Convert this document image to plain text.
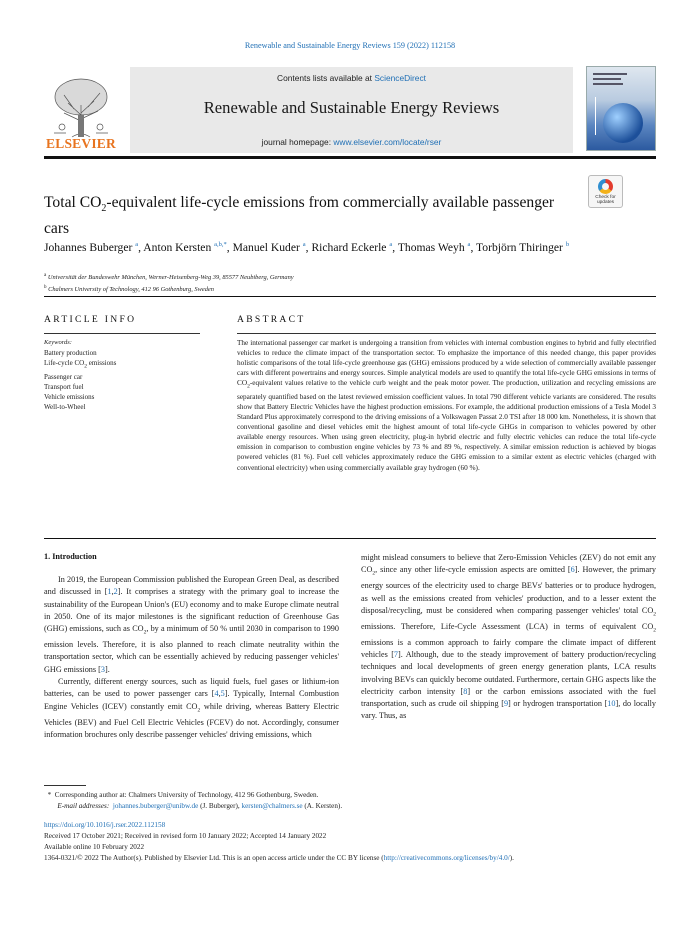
Renewable and Sustainable Energy Reviews 159 (2022) 112158
ELSEVIER
Contents lists available at ScienceDirect
Renewable and Sustainable Energy Reviews
journal homepage: www.elsevier.com/locate/rser
Total $CO_2$-equivalent life-cycle emissions from commercially available passenger cars
Check for updates
Johannes Buberger $^a$, Anton Kersten $^{a,b,*}$, Manuel Kuder $^a$, Richard Eckerle $^a$, Thomas Weyh $^a$, Torbjörn Thiringer $^b$
$^a$ Universität der Bundeswehr München, Werner-Heisenberg-Weg 39, 85577 Neubiberg, Germany
$^b$ Chalmers University of Technology, 412 96 Gothenburg, Sweden
ARTICLE INFO	ABSTRACT
Keywords:
Battery production
Life-cycle $CO_2$ emissions
Passenger car
Transport fuel
Vehicle emissions
Well-to-Wheel
The international passenger car market is undergoing a transition from vehicles with internal combustion engines to hybrid and fully electrified vehicles to reduce the climate impact of the transportation sector. To emphasize the importance of this needed change, this paper provides holistic comparisons of the total life-cycle greenhouse gas (GHG) emissions produced by a wide selection of commercially available passenger cars with different powertrains and energy sources. Simple analytical models are used to quantify the total life-cycle GHG emissions in terms of $CO_2$-equivalent values relative to the vehicle curb weight and the peak motor power. The production, utilization and recycling emissions are separately quantified based on the latest reviewed emission coefficient values. In total 790 different vehicle variants are considered. The results show that Battery Electric Vehicles have the highest production emissions. For example, the additional production emissions of a Tesla Model 3 Standard Plus approximately correspond to the driving emissions of a Volkswagen Passat 2.0 TSI after 18 000 km. Nonetheless, it is shown that conventional gasoline and diesel vehicles emit the highest amount of total life-cycle GHGs in comparison to vehicles powered by other available energy resources. When using green electricity, plug-in hybrid electric and fully electric vehicles can reduce the total life-cycle emission in comparison to combustion engine vehicles by 73 % and 89 %, respectively. A similar emission reduction is achieved by biogas powered vehicles (81 %). Fuel cell vehicles approximately reduce the GHG emission to a similar extent as electric vehicles (charged with conventional electricity) when using commercially available gray hydrogen (60 %).
1. Introduction

In 2019, the European Commission published the European Green Deal, as described and discussed in [1,2]. It comprises a strategy with the primary goal to increase the sustainability of the European Union's (EU) economy and to make Europe climate neutral in 2050. One of its major milestones is the significant reduction of Greenhouse Gas (GHG) emissions, such as $CO_2$, by a minimum of 50 % until 2030 in comparison to 1990 emission levels. Therefore, it is also planned to reach climate neutrality within the transportation sector, which can be essentially achieved by reducing passenger vehicles' GHG emissions [3].

Currently, different energy sources, such as liquid fuels, fuel gases or lithium-ion batteries, can be used to power passenger cars [4,5]. Typically, Internal Combustion Engine Vehicles (ICEV) constantly emit $CO_2$ while driving, whereas Battery Electric Vehicles (BEV) and Fuel Cell Electric Vehicles (FCEV) do not. Accordingly, consumer information brochures only describe passenger vehicles' driving emissions, which

might mislead consumers to believe that Zero-Emission Vehicles (ZEV) do not emit any $CO_2$, since any other life-cycle emission aspects are omitted [6]. However, the primary energy sources of the electricity used to charge BEVs' batteries or to produce hydrogen, as well as the emissions created from vehicles' production, and to a lesser extent the disposal/recycling, must be considered when comparing passenger vehicles' total $CO_2$ emissions. Therefore, Life-Cycle Assessment (LCA) in terms of equivalent $CO_2$ emissions is a common approach to fairly compare the climate impact of different vehicles [7]. Although, due to the steady improvement of battery production/recycling techniques and local developments of green energy generation plants, LCA results involving BEVs can quickly become outdated. Furthermore, certain GHG aspects like the electricity carbon intensity [8] or the carbon emissions associated with the fuel transportation, such as crude oil shipping [9] or hydrogen transportation [10], do locally vary. Thus, as

*  Corresponding author at: Chalmers University of Technology, 412 96 Gothenburg, Sweden.
E-mail addresses: johannes.buberger@unibw.de (J. Buberger), kersten@chalmers.se (A. Kersten).
https://doi.org/10.1016/j.rser.2022.112158
Received 17 October 2021; Received in revised form 10 January 2022; Accepted 14 January 2022
Available online 10 February 2022
1364-0321/© 2022 The Author(s). Published by Elsevier Ltd. This is an open access article under the CC BY license (http://creativecommons.org/licenses/by/4.0/).
